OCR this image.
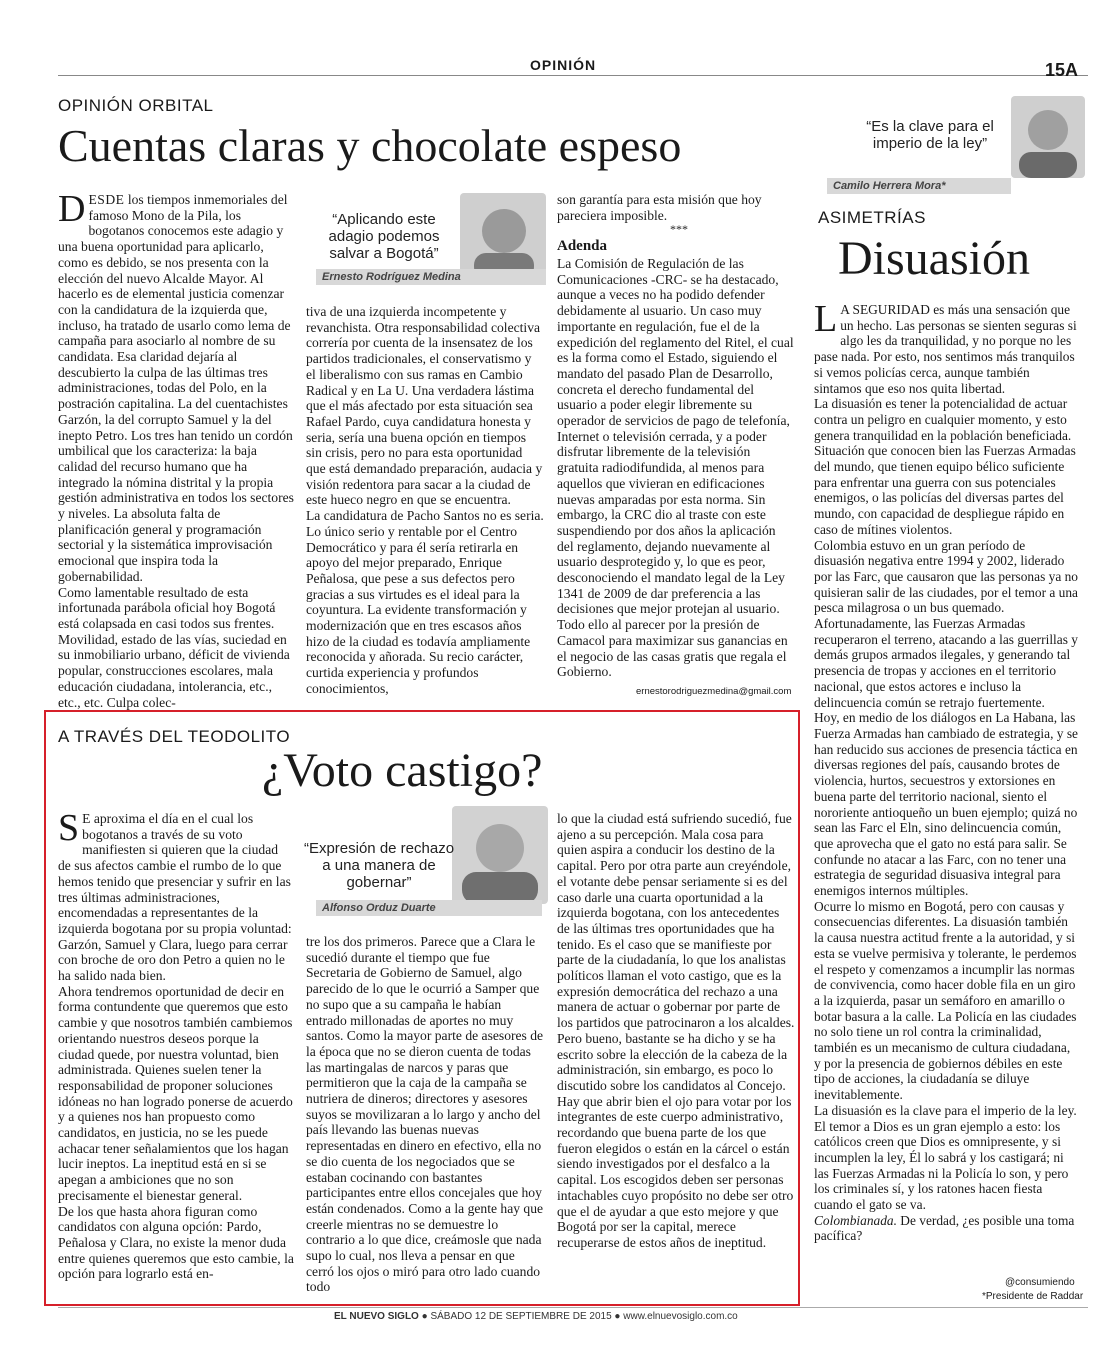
OPINIÓN	15A
OPINIÓN ORBITAL
Cuentas claras y chocolate espeso
DESDE los tiempos inmemoriales del famoso Mono de la Pila, los bogotanos conocemos este adagio y una buena oportunidad para aplicarlo, como es debido, se nos presenta con la elección del nuevo Alcalde Mayor. Al hacerlo es de elemental justicia comenzar con la candidatura de la izquierda que, incluso, ha tratado de usarlo como lema de campaña para asociarlo al nombre de su candidata. Esa claridad dejaría al descubierto la culpa de las últimas tres administraciones, todas del Polo, en la postración capitalina. La del cuentachistes Garzón, la del corrupto Samuel y la del inepto Petro. Los tres han tenido un cordón umbilical que los caracteriza: la baja calidad del recurso humano que ha integrado la nómina distrital y la propia gestión administrativa en todos los sectores y niveles. La absoluta falta de planificación general y programación sectorial y la sistemática improvisación emocional que inspira toda la gobernabilidad.
Como lamentable resultado de esta infortunada parábola oficial hoy Bogotá está colapsada en casi todos sus frentes. Movilidad, estado de las vías, suciedad en su inmobiliario urbano, déficit de vivienda popular, construcciones escolares, mala educación ciudadana, intolerancia, etc., etc., etc. Culpa colec-
“Aplicando este adagio podemos salvar a Bogotá”
Ernesto Rodríguez Medina
tiva de una izquierda incompetente y revanchista. Otra responsabilidad colectiva correría por cuenta de la insensatez de los partidos tradicionales, el conservatismo y el liberalismo con sus ramas en Cambio Radical y en La U. Una verdadera lástima que el más afectado por esta situación sea Rafael Pardo, cuya candidatura honesta y seria, sería una buena opción en tiempos sin crisis, pero no para esta oportunidad que está demandado preparación, audacia y visión redentora para sacar a la ciudad de este hueco negro en que se encuentra.
La candidatura de Pacho Santos no es seria. Lo único serio y rentable por el Centro Democrático y para él sería retirarla en apoyo del mejor preparado, Enrique Peñalosa, que pese a sus defectos pero gracias a sus virtudes es el ideal para la coyuntura. La evidente transformación y modernización que en tres escasos años hizo de la ciudad es todavía ampliamente reconocida y añorada. Su recio carácter, curtida experiencia y profundos conocimientos,
son garantía para esta misión que hoy pareciera imposible.
***
Adenda
La Comisión de Regulación de las Comunicaciones -CRC- se ha destacado, aunque a veces no ha podido defender debidamente al usuario. Un caso muy importante en regulación, fue el de la expedición del reglamento del Ritel, el cual es la forma como el Estado, siguiendo el mandato del pasado Plan de Desarrollo, concreta el derecho fundamental del usuario a poder elegir libremente su operador de servicios de pago de telefonía, Internet o televisión cerrada, y a poder disfrutar libremente de la televisión gratuita radiodifundida, al menos para aquellos que vivieran en edificaciones nuevas amparadas por esta norma. Sin embargo, la CRC dio al traste con este suspendiendo por dos años la aplicación del reglamento, dejando nuevamente al usuario desprotegido y, lo que es peor, desconociendo el mandato legal de la Ley 1341 de 2009 de dar preferencia a las decisiones que mejor protejan al usuario. Todo ello al parecer por la presión de Camacol para maximizar sus ganancias en el negocio de las casas gratis que regala el Gobierno.
ernestorodriguezmedina@gmail.com
A TRAVÉS DEL TEODOLITO
¿Voto castigo?
S E aproxima el día en el cual los bogotanos a través de su voto manifiesten si quieren que la ciudad de sus afectos cambie el rumbo de lo que hemos tenido que presenciar y sufrir en las tres últimas administraciones, encomendadas a representantes de la izquierda bogotana por su propia voluntad: Garzón, Samuel y Clara, luego para cerrar con broche de oro don Petro a quien no le ha salido nada bien.
Ahora tendremos oportunidad de decir en forma contundente que queremos que esto cambie y que nosotros también cambiemos orientando nuestros deseos porque la ciudad quede, por nuestra voluntad, bien administrada. Quienes suelen tener la responsabilidad de proponer soluciones idóneas no han logrado ponerse de acuerdo y a quienes nos han propuesto como candidatos, en justicia, no se les puede achacar tener señalamientos que los hagan lucir ineptos. La ineptitud está en si se apegan a ambiciones que no son precisamente el bienestar general.
De los que hasta ahora figuran como candidatos con alguna opción: Pardo, Peñalosa y Clara, no existe la menor duda entre quienes queremos que esto cambie, la opción para lograrlo está en-
“Expresión de rechazo a una manera de gobernar”
Alfonso Orduz Duarte
tre los dos primeros. Parece que a Clara le sucedió durante el tiempo que fue Secretaria de Gobierno de Samuel, algo parecido de lo que le ocurrió a Samper que no supo que a su campaña le habían entrado millonadas de aportes no muy santos. Como la mayor parte de asesores de la época que no se dieron cuenta de todas las martingalas de narcos y paras que permitieron que la caja de la campaña se nutriera de dineros; directores y asesores suyos se movilizaran a lo largo y ancho del país llevando las buenas nuevas representadas en dinero en efectivo, ella no se dio cuenta de los negociados que se estaban cocinando con bastantes participantes entre ellos concejales que hoy están condenados. Como a la gente hay que creerle mientras no se demuestre lo contrario a lo que dice, creámosle que nada supo lo cual, nos lleva a pensar en que cerró los ojos o miró para otro lado cuando todo
lo que la ciudad está sufriendo sucedió, fue ajeno a su percepción. Mala cosa para quien aspira a conducir los destino de la capital. Pero por otra parte aun creyéndole, el votante debe pensar seriamente si es del caso darle una cuarta oportunidad a la izquierda bogotana, con los antecedentes de las últimas tres oportunidades que ha tenido. Es el caso que se manifieste por parte de la ciudadanía, lo que los analistas políticos llaman el voto castigo, que es la expresión democrática del rechazo a una manera de actuar o gobernar por parte de los partidos que patrocinaron a los alcaldes.
Pero bueno, bastante se ha dicho y se ha escrito sobre la elección de la cabeza de la administración, sin embargo, es poco lo discutido sobre los candidatos al Concejo. Hay que abrir bien el ojo para votar por los integrantes de este cuerpo administrativo, recordando que buena parte de los que fueron elegidos o están en la cárcel o están siendo investigados por el desfalco a la capital. Los escogidos deben ser personas intachables cuyo propósito no debe ser otro que el de ayudar a que esto mejore y que Bogotá por ser la capital, merece recuperarse de estos años de ineptitud.
“Es la clave para el imperio de la ley”
Camilo Herrera Mora*
ASIMETRÍAS
Disuasión
L A SEGURIDAD es más una sensación que un hecho. Las personas se sienten seguras si algo les da tranquilidad, y no porque no les pase nada. Por esto, nos sentimos más tranquilos si vemos policías cerca, aunque también sintamos que eso nos quita libertad.
La disuasión es tener la potencialidad de actuar contra un peligro en cualquier momento, y esto genera tranquilidad en la población beneficiada. Situación que conocen bien las Fuerzas Armadas del mundo, que tienen equipo bélico suficiente para enfrentar una guerra con sus potenciales enemigos, o las policías del diversas partes del mundo, con capacidad de despliegue rápido en caso de mítines violentos.
Colombia estuvo en un gran período de disuasión negativa entre 1994 y 2002, liderado por las Farc, que causaron que las personas ya no quisieran salir de las ciudades, por el temor a una pesca milagrosa o un bus quemado. Afortunadamente, las Fuerzas Armadas recuperaron el terreno, atacando a las guerrillas y demás grupos armados ilegales, y generando tal presencia de tropas y acciones en el territorio nacional, que estos actores e incluso la delincuencia común se retrajo fuertemente.
Hoy, en medio de los diálogos en La Habana, las Fuerza Armadas han cambiado de estrategia, y se han reducido sus acciones de presencia táctica en diversas regiones del país, causando brotes de violencia, hurtos, secuestros y extorsiones en buena parte del territorio nacional, siento el nororiente antioqueño un buen ejemplo; quizá no sean las Farc el Eln, sino delincuencia común, que aprovecha que el gato no está para salir. Se confunde no atacar a las Farc, con no tener una estrategia de seguridad disuasiva integral para enemigos internos múltiples.
Ocurre lo mismo en Bogotá, pero con causas y consecuencias diferentes. La disuasión también la causa nuestra actitud frente a la autoridad, y si esta se vuelve permisiva y tolerante, le perdemos el respeto y comenzamos a incumplir las normas de convivencia, como hacer doble fila en un giro a la izquierda, pasar un semáforo en amarillo o botar basura a la calle. La Policía en las ciudades no solo tiene un rol contra la criminalidad, también es un mecanismo de cultura ciudadana, y por la presencia de gobiernos débiles en este tipo de acciones, la ciudadanía se diluye inevitablemente.
La disuasión es la clave para el imperio de la ley. El temor a Dios es un gran ejemplo a esto: los católicos creen que Dios es omnipresente, y si incumplen la ley, Él lo sabrá y los castigará; ni las Fuerzas Armadas ni la Policía lo son, y pero los criminales sí, y los ratones hacen fiesta cuando el gato se va.
Colombianada. De verdad, ¿es posible una toma pacífica?
@consumiendo
*Presidente de Raddar
EL NUEVO SIGLO ● SÁBADO 12 DE SEPTIEMBRE DE 2015 ● www.elnuevosiglo.com.co
